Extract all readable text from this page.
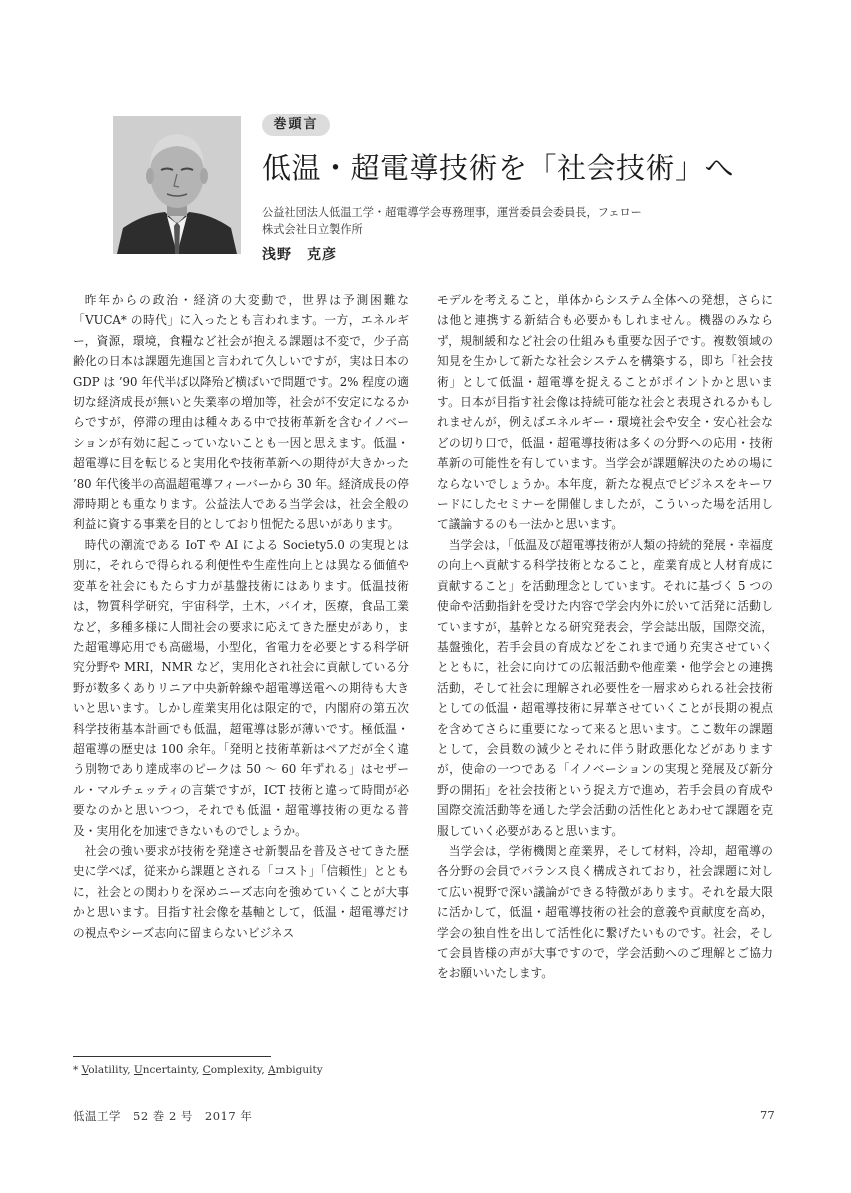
巻頭言
低温・超電導技術を「社会技術」へ
公益社団法人低温工学・超電導学会専務理事，運営委員会委員長，フェロー
株式会社日立製作所
浅野　克彦

昨年からの政治・経済の大変動で，世界は予測困難な「VUCA* の時代」に入ったとも言われます。一方，エネルギー，資源，環境，食糧など社会が抱える課題は不変で，少子高齢化の日本は課題先進国と言われて久しいですが，実は日本の GDP は ’90 年代半ば以降殆ど横ばいで問題です。2% 程度の適切な経済成長が無いと失業率の増加等，社会が不安定になるからですが，停滞の理由は種々ある中で技術革新を含むイノベーションが有効に起こっていないことも一因と思えます。低温・超電導に目を転じると実用化や技術革新への期待が大きかった ’80 年代後半の高温超電導フィーバーから 30 年。経済成長の停滞時期とも重なります。公益法人である当学会は，社会全般の利益に資する事業を目的としており忸怩たる思いがあります。

時代の潮流である IoT や AI による Society5.0 の実現とは別に，それらで得られる利便性や生産性向上とは異なる価値や変革を社会にもたらす力が基盤技術にはあります。低温技術は，物質科学研究，宇宙科学，土木，バイオ，医療，食品工業など，多種多様に人間社会の要求に応えてきた歴史があり，また超電導応用でも高磁場，小型化，省電力を必要とする科学研究分野や MRI，NMR など，実用化され社会に貢献している分野が数多くありリニア中央新幹線や超電導送電への期待も大きいと思います。しかし産業実用化は限定的で，内閣府の第五次科学技術基本計画でも低温，超電導は影が薄いです。極低温・超電導の歴史は 100 余年。「発明と技術革新はペアだが全く違う別物であり達成率のピークは 50 ～ 60 年ずれる」はセザール・マルチェッティの言葉ですが，ICT 技術と違って時間が必要なのかと思いつつ，それでも低温・超電導技術の更なる普及・実用化を加速できないものでしょうか。

社会の強い要求が技術を発達させ新製品を普及させてきた歴史に学べば，従来から課題とされる「コスト」「信頼性」とともに，社会との関わりを深めニーズ志向を強めていくことが大事かと思います。目指す社会像を基軸として，低温・超電導だけの視点やシーズ志向に留まらないビジネス

モデルを考えること，単体からシステム全体への発想，さらには他と連携する新結合も必要かもしれません。機器のみならず，規制緩和など社会の仕組みも重要な因子です。複数領域の知見を生かして新たな社会システムを構築する，即ち「社会技術」として低温・超電導を捉えることがポイントかと思います。日本が目指す社会像は持続可能な社会と表現されるかもしれませんが，例えばエネルギー・環境社会や安全・安心社会などの切り口で，低温・超電導技術は多くの分野への応用・技術革新の可能性を有しています。当学会が課題解決のための場にならないでしょうか。本年度，新たな視点でビジネスをキーワードにしたセミナーを開催しましたが，こういった場を活用して議論するのも一法かと思います。

当学会は，「低温及び超電導技術が人類の持続的発展・幸福度の向上へ貢献する科学技術となること，産業育成と人材育成に貢献すること」を活動理念としています。それに基づく 5 つの使命や活動指針を受けた内容で学会内外に於いて活発に活動していますが，基幹となる研究発表会，学会誌出版，国際交流，基盤強化，若手会員の育成などをこれまで通り充実させていくとともに，社会に向けての広報活動や他産業・他学会との連携活動，そして社会に理解され必要性を一層求められる社会技術としての低温・超電導技術に昇華させていくことが長期の視点を含めてさらに重要になって来ると思います。ここ数年の課題として，会員数の減少とそれに伴う財政悪化などがありますが，使命の一つである「イノベーションの実現と発展及び新分野の開拓」を社会技術という捉え方で進め，若手会員の育成や国際交流活動等を通した学会活動の活性化とあわせて課題を克服していく必要があると思います。

当学会は，学術機関と産業界，そして材料，冷却，超電導の各分野の会員でバランス良く構成されており，社会課題に対して広い視野で深い議論ができる特徴があります。それを最大限に活かして，低温・超電導技術の社会的意義や貢献度を高め，学会の独自性を出して活性化に繋げたいものです。社会，そして会員皆様の声が大事ですので，学会活動へのご理解とご協力をお願いいたします。

* Volatility, Uncertainty, Complexity, Ambiguity
低温工学　52 巻 2 号　2017 年	77
